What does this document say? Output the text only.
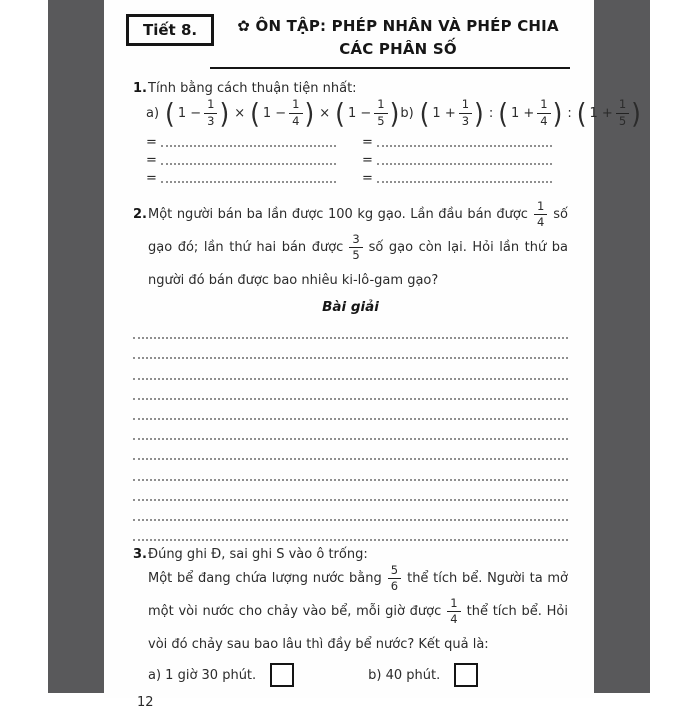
Tiết 8.	✿ ÔN TẬP: PHÉP NHÂN VÀ PHÉP CHIA
CÁC PHÂN SỐ
1. Tính bằng cách thuận tiện nhất:
a) ( $1 - \frac{1}{3}$ ) × ( $1 - \frac{1}{4}$ ) × ( $1 - \frac{1}{5}$ ) b) ( $1 + \frac{1}{3}$ ) : ( $1 + \frac{1}{4}$ ) : ( $1 + \frac{1}{5}$ )
=
=
=
=
=
=
2. Một người bán ba lần được 100 kg gạo. Lần đầu bán được $\frac{1}{4}$ số gạo đó; lần thứ hai bán được $\frac{3}{5}$ số gạo còn lại. Hỏi lần thứ ba người đó bán được bao nhiêu ki-lô-gam gạo?
Bài giải
3. Đúng ghi Đ, sai ghi S vào ô trống:
Một bể đang chứa lượng nước bằng $\frac{5}{6}$ thể tích bể. Người ta mở một vòi nước cho chảy vào bể, mỗi giờ được $\frac{1}{4}$ thể tích bể. Hỏi vòi đó chảy sau bao lâu thì đầy bể nước? Kết quả là:
a) 1 giờ 30 phút.	b) 40 phút.
12
